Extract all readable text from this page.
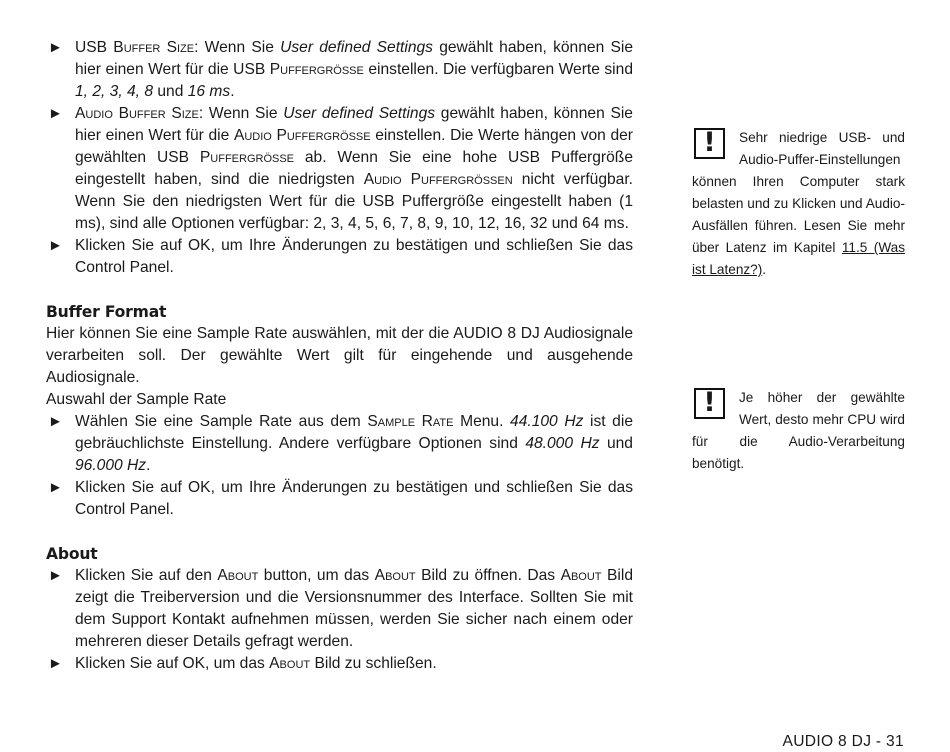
► USB Buffer Size: Wenn Sie User defined Settings gewählt haben, können Sie hier einen Wert für die USB Puffergrösse einstellen. Die verfügbaren Werte sind 1, 2, 3, 4, 8 und 16 ms.
► Audio Buffer Size: Wenn Sie User defined Settings gewählt haben, können Sie hier einen Wert für die Audio Puffergrösse einstellen. Die Werte hängen von der gewählten USB Puffergrösse ab. Wenn Sie eine hohe USB Puffergröße eingestellt haben, sind die niedrigsten Audio Puffergrössen nicht verfügbar. Wenn Sie den niedrigsten Wert für die USB Puffergröße eingestellt haben (1 ms), sind alle Optionen verfügbar: 2, 3, 4, 5, 6, 7, 8, 9, 10, 12, 16, 32 und 64 ms.
► Klicken Sie auf OK, um Ihre Änderungen zu bestätigen und schließen Sie das Control Panel.
Buffer Format
Hier können Sie eine Sample Rate auswählen, mit der die AUDIO 8 DJ Audiosignale verarbeiten soll. Der gewählte Wert gilt für eingehende und ausgehende Audiosignale.
Auswahl der Sample Rate
► Wählen Sie eine Sample Rate aus dem Sample Rate Menu. 44.100 Hz ist die gebräuchlichste Einstellung. Andere verfügbare Optionen sind 48.000 Hz und 96.000 Hz.
► Klicken Sie auf OK, um Ihre Änderungen zu bestätigen und schließen Sie das Control Panel.
About
► Klicken Sie auf den About button, um das About Bild zu öffnen. Das About Bild zeigt die Treiberversion und die Versionsnummer des Interface. Sollten Sie mit dem Support Kontakt aufnehmen müssen, werden Sie sicher nach einem oder mehreren dieser Details gefragt werden.
► Klicken Sie auf OK, um das About Bild zu schließen.
!

Sehr niedrige USB- und Audio-Puffer-Einstellungen können Ihren Computer stark belasten und zu Klicken und Audio-Ausfällen führen. Lesen Sie mehr über Latenz im Kapitel 11.5 (Was ist Latenz?).

!

Je höher der gewählte Wert, desto mehr CPU wird für die Audio-Verarbeitung benötigt.

AUDIO 8 DJ - 31
